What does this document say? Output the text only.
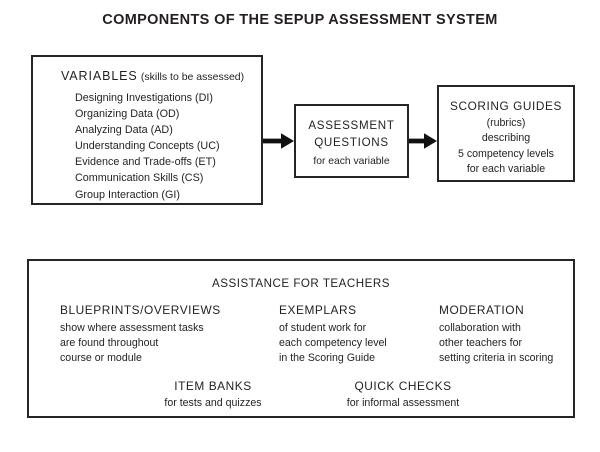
COMPONENTS OF THE SEPUP ASSESSMENT SYSTEM
VARIABLES (skills to be assessed)
Designing Investigations (DI)
Organizing Data (OD)
Analyzing Data (AD)
Understanding Concepts (UC)
Evidence and Trade-offs (ET)
Communication Skills (CS)
Group Interaction (GI)
ASSESSMENT
QUESTIONS
for each variable
SCORING GUIDES
(rubrics)
describing
5 competency levels
for each variable
ASSISTANCE FOR TEACHERS
BLUEPRINTS/OVERVIEWS
show where assessment tasks
are found throughout
course or module
EXEMPLARS
of student work for
each competency level
in the Scoring Guide
MODERATION
collaboration with
other teachers for
setting criteria in scoring
ITEM BANKS
for tests and quizzes
QUICK CHECKS
for informal assessment
